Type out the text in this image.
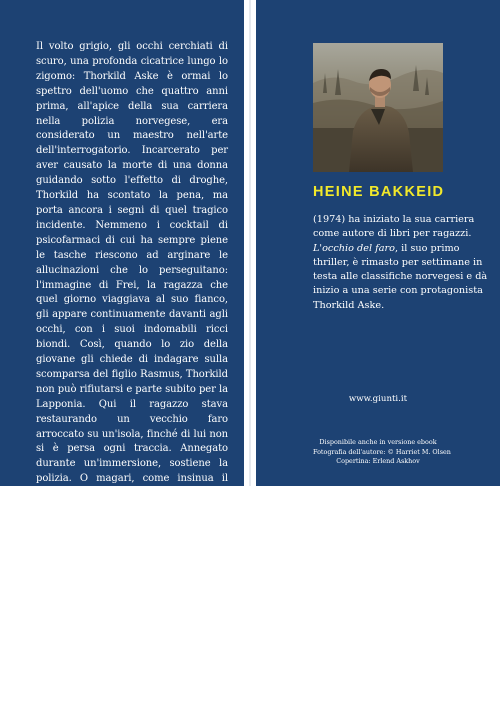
Il volto grigio, gli occhi cerchiati di scuro, una profonda cicatrice lungo lo zigomo: Thorkild Aske è ormai lo spettro dell'uomo che quattro anni prima, all'apice della sua carriera nella polizia norvegese, era considerato un maestro nell'arte dell'interrogatorio. Incarcerato per aver causato la morte di una donna guidando sotto l'effetto di droghe, Thorkild ha scontato la pena, ma porta ancora i segni di quel tragico incidente. Nemmeno i cocktail di psicofarmaci di cui ha sempre piene le tasche riescono ad arginare le allucinazioni che lo perseguitano: l'immagine di Frei, la ragazza che quel giorno viaggiava al suo fianco, gli appare continuamente davanti agli occhi, con i suoi indomabili ricci biondi. Così, quando lo zio della giovane gli chiede di indagare sulla scomparsa del figlio Rasmus, Thorkild non può rifiutarsi e parte subito per la Lapponia. Qui il ragazzo stava restaurando un vecchio faro arroccato su un'isola, finché di lui non si è persa ogni traccia. Annegato durante un'immersione, sostiene la polizia. O magari, come insinua il vecchio lupo di mare del villaggio, ha avuto la sfortuna di imbattersi nel Draug, il fantasma di un pescatore che secondo la mitologia nordica annuncia la morte a chiunque lo incontri. E mentre sul Circolo polare artico cala la lunga notte invernale, le tempeste che sferzano la costa portano a riva un cadavere: ma non si tratta di Rasmus, bensì di una misteriosa donna dal viso sfigurato...

Con la sua scrittura cinematografica, Bakkeid dà vita a un thriller di grande atmosfera e potenza visiva.

HEINE BAKKEID

(1974) ha iniziato la sua carriera come autore di libri per ragazzi. L'occhio del faro, il suo primo thriller, è rimasto per settimane in testa alle classifiche norvegesi e dà inizio a una serie con protagonista Thorkild Aske.

www.giunti.it
Disponibile anche in versione ebook
Fotografia dell'autore: © Harriet M. Olsen
Copertina: Erlend Askhov
